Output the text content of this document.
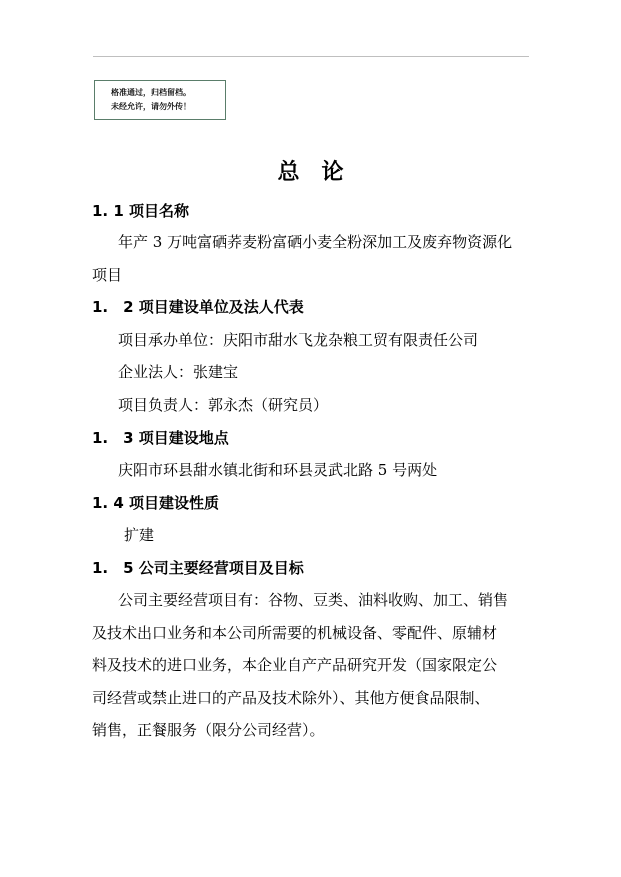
格准通过，归档留档。
未经允许，请勿外传！
总　论
1. 1 项目名称
年产 3 万吨富硒荞麦粉富硒小麦全粉深加工及废弃物资源化
项目
1.　2 项目建设单位及法人代表
项目承办单位：庆阳市甜水飞龙杂粮工贸有限责任公司
企业法人：张建宝
项目负责人：郭永杰（研究员）
1.　3 项目建设地点
庆阳市环县甜水镇北街和环县灵武北路 5 号两处
1. 4 项目建设性质
扩建
1.　5 公司主要经营项目及目标
公司主要经营项目有：谷物、豆类、油料收购、加工、销售
及技术出口业务和本公司所需要的机械设备、零配件、原辅材
料及技术的进口业务，本企业自产产品研究开发（国家限定公
司经营或禁止进口的产品及技术除外）、其他方便食品限制、
销售，正餐服务（限分公司经营）。
